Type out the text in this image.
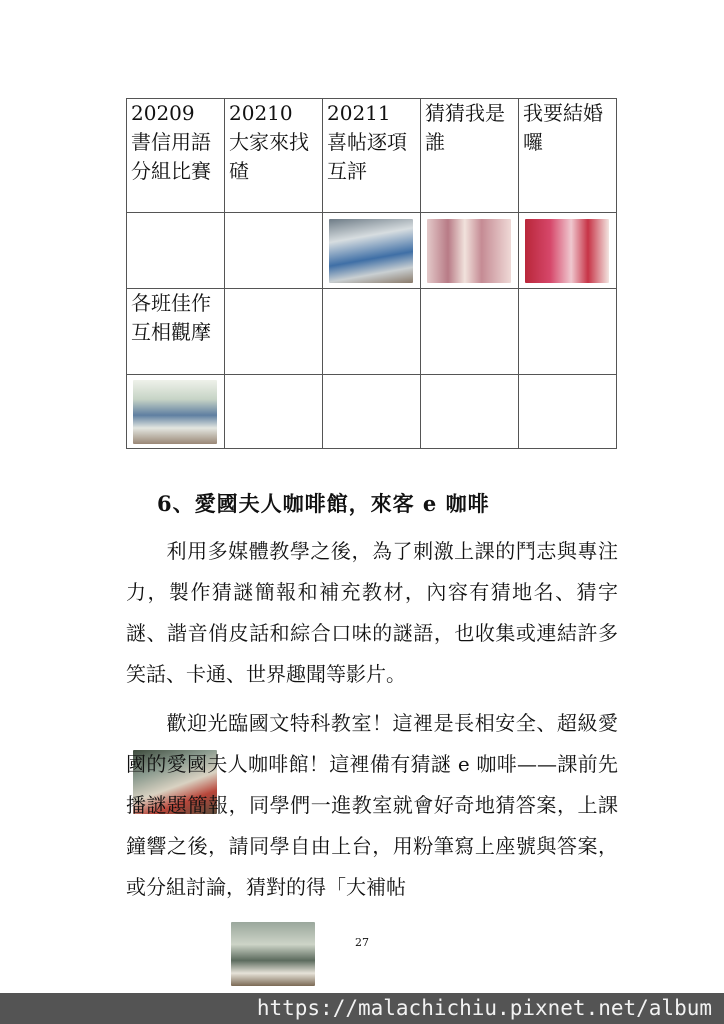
20209 書信用語分組比賽	20210 大家來找碴	20211 喜帖逐項互評	猜猜我是誰	我要結婚囉

各班佳作互相觀摩				

6、愛國夫人咖啡館，來客 e 咖啡

利用多媒體教學之後，為了刺激上課的鬥志與專注力，製作猜謎簡報和補充教材，內容有猜地名、猜字謎、諧音俏皮話和綜合口味的謎語，也收集或連結許多笑話、卡通、世界趣聞等影片。

歡迎光臨國文特科教室！這裡是長相安全、超級愛國的愛國夫人咖啡館！這裡備有猜謎 e 咖啡——課前先播謎題簡報，同學們一進教室就會好奇地猜答案，上課鐘響之後，請同學自由上台，用粉筆寫上座號與答案，或分組討論，猜對的得「大補帖

27
https://malachichiu.pixnet.net/album
